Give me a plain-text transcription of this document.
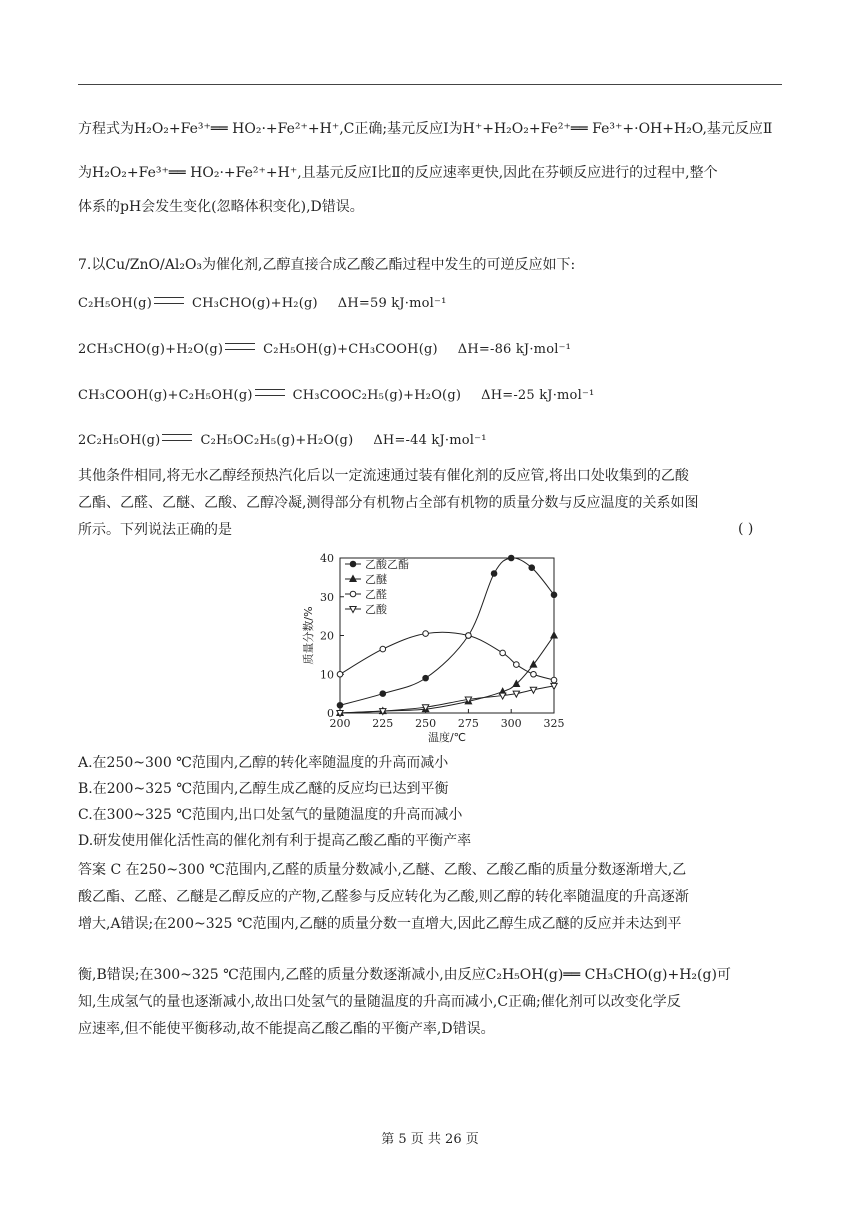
方程式为H₂O₂+Fe³⁺══ HO₂·+Fe²⁺+H⁺,C正确;基元反应Ⅰ为H⁺+H₂O₂+Fe²⁺══ Fe³⁺+·OH+H₂O,基元反应Ⅱ
为H₂O₂+Fe³⁺══ HO₂·+Fe²⁺+H⁺,且基元反应Ⅰ比Ⅱ的反应速率更快,因此在芬顿反应进行的过程中,整个
体系的pH会发生变化(忽略体积变化),D错误。
7.以Cu/ZnO/Al₂O₃为催化剂,乙醇直接合成乙酸乙酯过程中发生的可逆反应如下:
C₂H₅OH(g)	CH₃CHO(g)+H₂(g) ΔH=59 kJ·mol⁻¹
2CH₃CHO(g)+H₂O(g)	C₂H₅OH(g)+CH₃COOH(g) ΔH=-86 kJ·mol⁻¹
CH₃COOH(g)+C₂H₅OH(g)	CH₃COOC₂H₅(g)+H₂O(g) ΔH=-25 kJ·mol⁻¹
2C₂H₅OH(g)	C₂H₅OC₂H₅(g)+H₂O(g) ΔH=-44 kJ·mol⁻¹
其他条件相同,将无水乙醇经预热汽化后以一定流速通过装有催化剂的反应管,将出口处收集到的乙酸
乙酯、乙醛、乙醚、乙酸、乙醇冷凝,测得部分有机物占全部有机物的质量分数与反应温度的关系如图
所示。下列说法正确的是	( )
0
10
20
30
40
200 225 250 275 300 325
温度/℃
质量分数/%
乙酸乙酯
乙醚
乙醛
乙酸
A.在250~300 ℃范围内,乙醇的转化率随温度的升高而减小
B.在200~325 ℃范围内,乙醇生成乙醚的反应均已达到平衡
C.在300~325 ℃范围内,出口处氢气的量随温度的升高而减小
D.研发使用催化活性高的催化剂有利于提高乙酸乙酯的平衡产率
答案 C 在250~300 ℃范围内,乙醛的质量分数减小,乙醚、乙酸、乙酸乙酯的质量分数逐渐增大,乙
酸乙酯、乙醛、乙醚是乙醇反应的产物,乙醛参与反应转化为乙酸,则乙醇的转化率随温度的升高逐渐
增大,A错误;在200~325 ℃范围内,乙醚的质量分数一直增大,因此乙醇生成乙醚的反应并未达到平
衡,B错误;在300~325 ℃范围内,乙醛的质量分数逐渐减小,由反应C₂H₅OH(g)══ CH₃CHO(g)+H₂(g)可
知,生成氢气的量也逐渐减小,故出口处氢气的量随温度的升高而减小,C正确;催化剂可以改变化学反
应速率,但不能使平衡移动,故不能提高乙酸乙酯的平衡产率,D错误。
第 5 页 共 26 页
